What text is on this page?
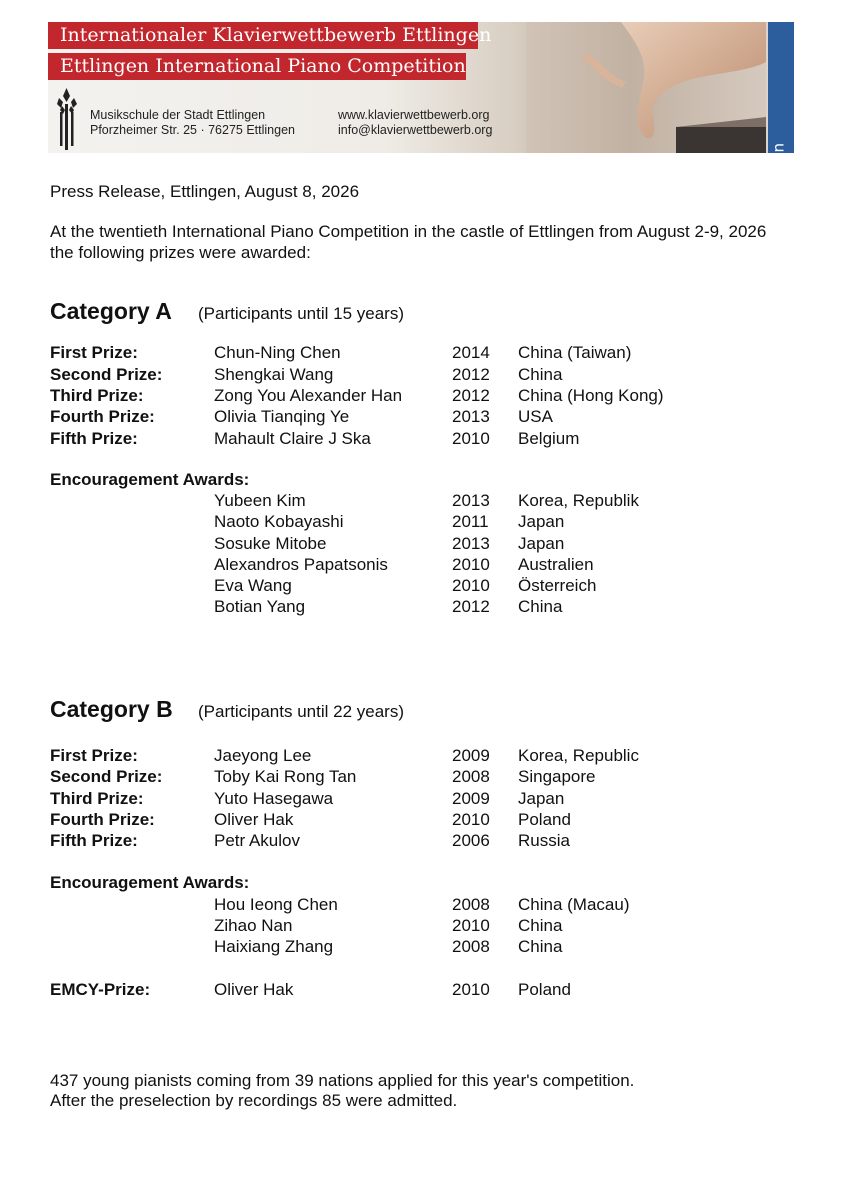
Internationaler Klavierwettbewerb Ettlingen
Ettlingen International Piano Competition
Ettlingen
Musikschule der Stadt Ettlingen
Pforzheimer Str. 25 · 76275 Ettlingen
www.klavierwettbewerb.org
info@klavierwettbewerb.org
Press Release, Ettlingen, August 8, 2026
At the twentieth International Piano Competition in the castle of Ettlingen from August 2-9, 2026 the following prizes were awarded:
Category A (Participants until 15 years)
First Prize:	Chun-Ning Chen	2014 China (Taiwan)
Second Prize:	Shengkai Wang	2012 China
Third Prize:	Zong You Alexander Han	2012 China (Hong Kong)
Fourth Prize:	Olivia Tianqing Ye	2013 USA
Fifth Prize:	Mahault Claire J Ska	2010 Belgium
Encouragement Awards:
Yubeen Kim	2013 Korea, Republik
Naoto Kobayashi	2011 Japan
Sosuke Mitobe	2013 Japan
Alexandros Papatsonis	2010 Australien
Eva Wang	2010 Österreich
Botian Yang	2012 China
Category B (Participants until 22 years)
First Prize:	Jaeyong Lee	2009 Korea, Republic
Second Prize:	Toby Kai Rong Tan	2008 Singapore
Third Prize:	Yuto Hasegawa	2009 Japan
Fourth Prize:	Oliver Hak	2010 Poland
Fifth Prize:	Petr Akulov	2006 Russia
Encouragement Awards:
Hou Ieong Chen	2008 China (Macau)
Zihao Nan	2010 China
Haixiang Zhang	2008 China
EMCY-Prize:	Oliver Hak	2010 Poland
437 young pianists coming from 39 nations applied for this year's competition.
After the preselection by recordings 85 were admitted.
